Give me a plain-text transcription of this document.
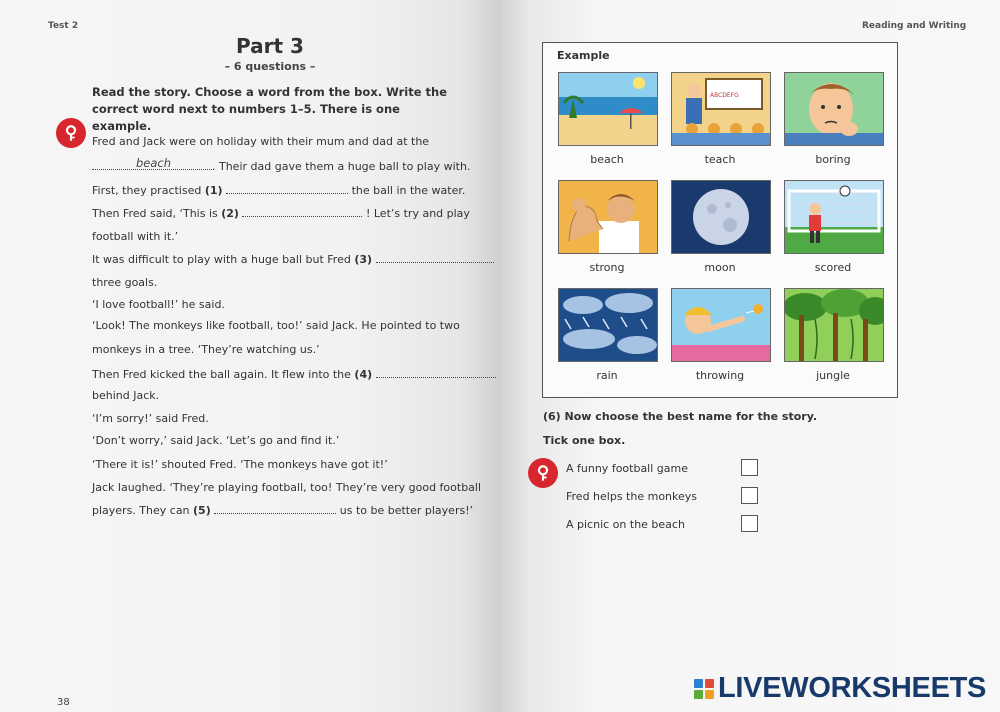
Test 2	Reading and Writing
Part 3
– 6 questions –
Read the story. Choose a word from the box. Write the correct word next to numbers 1–5. There is one example.
Fred and Jack were on holiday with their mum and dad at the
beach	. Their dad gave them a huge ball to play with.
First, they practised (1)	the ball in the water.
Then Fred said, ‘This is (2)	! Let’s try and play
football with it.’
It was difficult to play with a huge ball but Fred (3)
three goals.
‘I love football!’ he said.
‘Look! The monkeys like football, too!’ said Jack. He pointed to two
monkeys in a tree. ‘They’re watching us.’
Then Fred kicked the ball again. It flew into the (4)
behind Jack.
‘I’m sorry!’ said Fred.
‘Don’t worry,’ said Jack. ‘Let’s go and find it.’
‘There it is!’ shouted Fred. ‘The monkeys have got it!’
Jack laughed. ‘They’re playing football, too! They’re very good football
players. They can (5)	us to be better players!’
38
Example
ABCDEFG
beach	teach	boring
strong	moon	scored
rain	throwing	jungle
(6) Now choose the best name for the story.
Tick one box.
A funny football game
Fred helps the monkeys
A picnic on the beach
LIVEWORKSHEETS
